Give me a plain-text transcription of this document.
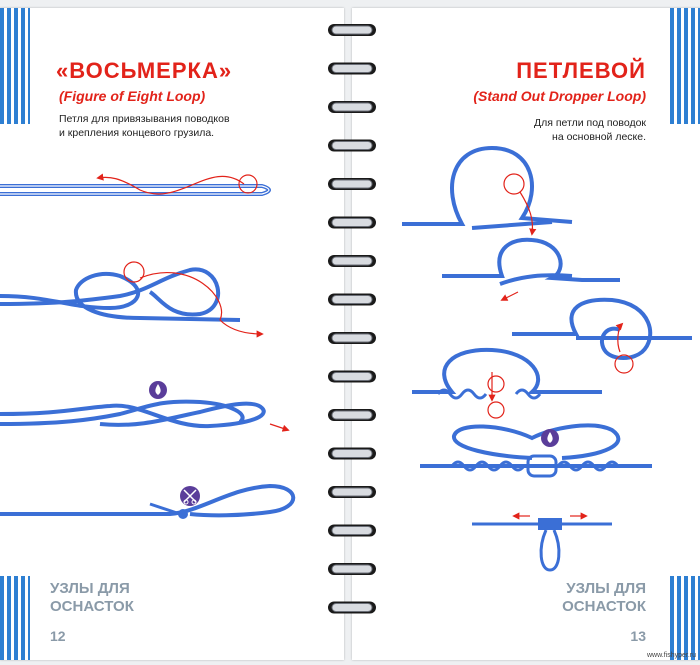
«ВОСЬМЕРКА»
(Figure of Eight Loop)
Петля для привязывания поводков
и крепления концевого грузила.
УЗЛЫ ДЛЯ
ОСНАСТОК
12
ПЕТЛЕВОЙ
(Stand Out Dropper Loop)
Для петли под поводок
на основной леске.
УЗЛЫ ДЛЯ
ОСНАСТОК
13
www.fishyper.ru
